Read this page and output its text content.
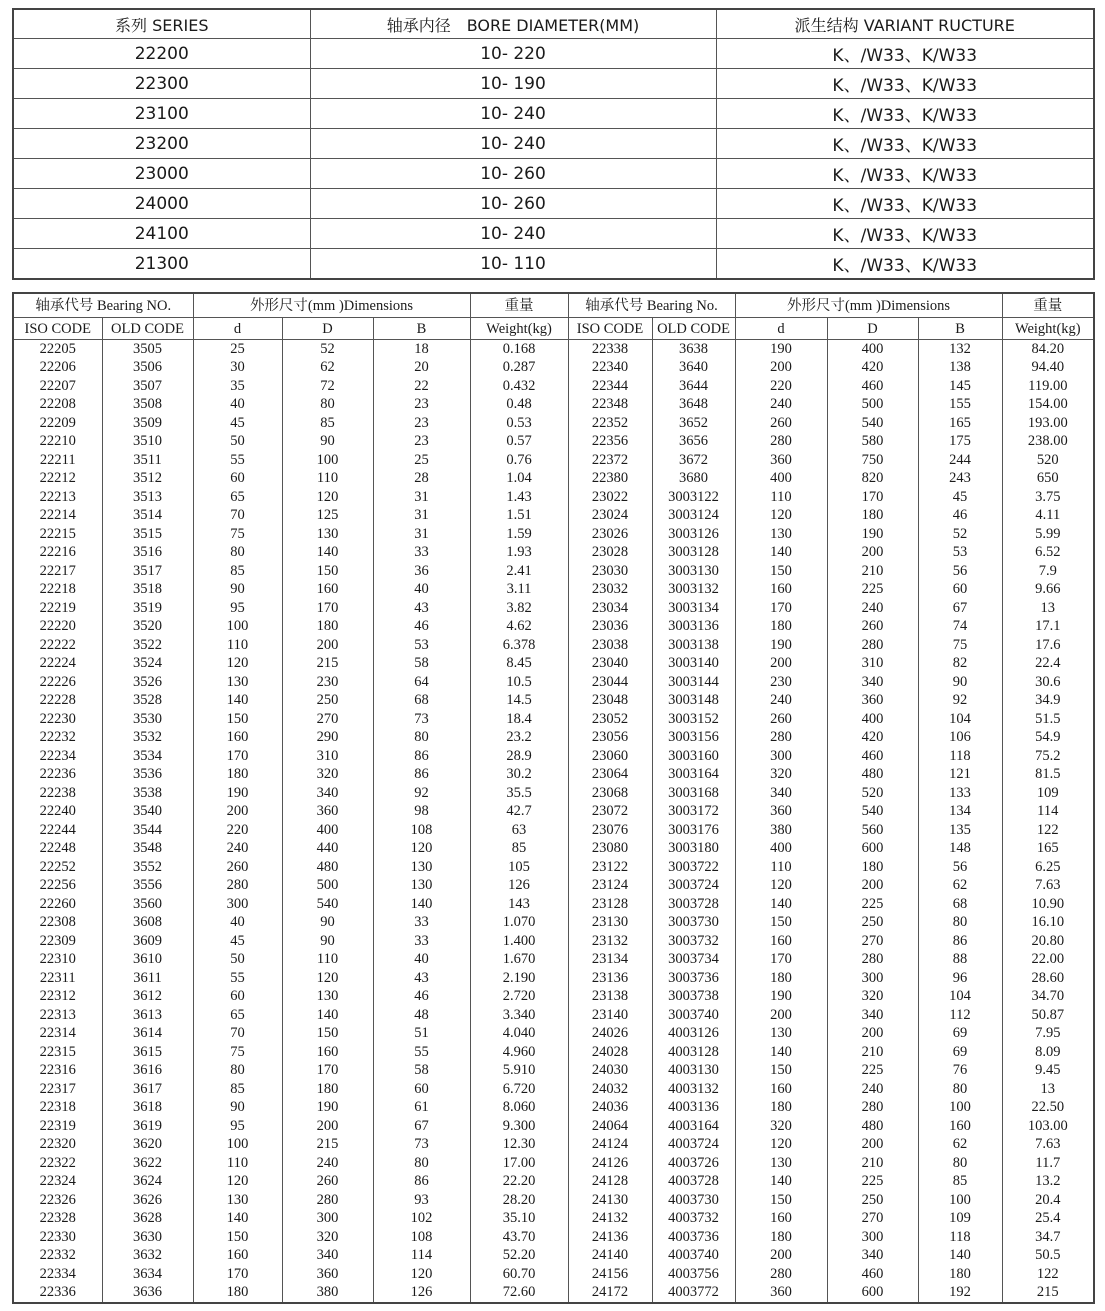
系列 SERIES	轴承内径　BORE DIAMETER(MM)	派生结构 VARIANT RUCTURE
22200	10- 220	K、/W33、K/W33
22300	10- 190	K、/W33、K/W33
23100	10- 240	K、/W33、K/W33
23200	10- 240	K、/W33、K/W33
23000	10- 260	K、/W33、K/W33
24000	10- 260	K、/W33、K/W33
24100	10- 240	K、/W33、K/W33
21300	10- 110	K、/W33、K/W33
轴承代号 Bearing NO.		外形尺寸(mm )Dimensions			重量	轴承代号 Bearing No.		外形尺寸(mm )Dimensions			重量
ISO CODE	OLD CODE	d	D	B	Weight(kg)	ISO CODE	OLD CODE	d	D	B	Weight(kg)
22205	3505	25	52	18	0.168	22338	3638	190	400	132	84.20
22206	3506	30	62	20	0.287	22340	3640	200	420	138	94.40
22207	3507	35	72	22	0.432	22344	3644	220	460	145	119.00
22208	3508	40	80	23	0.48	22348	3648	240	500	155	154.00
22209	3509	45	85	23	0.53	22352	3652	260	540	165	193.00
22210	3510	50	90	23	0.57	22356	3656	280	580	175	238.00
22211	3511	55	100	25	0.76	22372	3672	360	750	244	520
22212	3512	60	110	28	1.04	22380	3680	400	820	243	650
22213	3513	65	120	31	1.43	23022	3003122	110	170	45	3.75
22214	3514	70	125	31	1.51	23024	3003124	120	180	46	4.11
22215	3515	75	130	31	1.59	23026	3003126	130	190	52	5.99
22216	3516	80	140	33	1.93	23028	3003128	140	200	53	6.52
22217	3517	85	150	36	2.41	23030	3003130	150	210	56	7.9
22218	3518	90	160	40	3.11	23032	3003132	160	225	60	9.66
22219	3519	95	170	43	3.82	23034	3003134	170	240	67	13
22220	3520	100	180	46	4.62	23036	3003136	180	260	74	17.1
22222	3522	110	200	53	6.378	23038	3003138	190	280	75	17.6
22224	3524	120	215	58	8.45	23040	3003140	200	310	82	22.4
22226	3526	130	230	64	10.5	23044	3003144	230	340	90	30.6
22228	3528	140	250	68	14.5	23048	3003148	240	360	92	34.9
22230	3530	150	270	73	18.4	23052	3003152	260	400	104	51.5
22232	3532	160	290	80	23.2	23056	3003156	280	420	106	54.9
22234	3534	170	310	86	28.9	23060	3003160	300	460	118	75.2
22236	3536	180	320	86	30.2	23064	3003164	320	480	121	81.5
22238	3538	190	340	92	35.5	23068	3003168	340	520	133	109
22240	3540	200	360	98	42.7	23072	3003172	360	540	134	114
22244	3544	220	400	108	63	23076	3003176	380	560	135	122
22248	3548	240	440	120	85	23080	3003180	400	600	148	165
22252	3552	260	480	130	105	23122	3003722	110	180	56	6.25
22256	3556	280	500	130	126	23124	3003724	120	200	62	7.63
22260	3560	300	540	140	143	23128	3003728	140	225	68	10.90
22308	3608	40	90	33	1.070	23130	3003730	150	250	80	16.10
22309	3609	45	90	33	1.400	23132	3003732	160	270	86	20.80
22310	3610	50	110	40	1.670	23134	3003734	170	280	88	22.00
22311	3611	55	120	43	2.190	23136	3003736	180	300	96	28.60
22312	3612	60	130	46	2.720	23138	3003738	190	320	104	34.70
22313	3613	65	140	48	3.340	23140	3003740	200	340	112	50.87
22314	3614	70	150	51	4.040	24026	4003126	130	200	69	7.95
22315	3615	75	160	55	4.960	24028	4003128	140	210	69	8.09
22316	3616	80	170	58	5.910	24030	4003130	150	225	76	9.45
22317	3617	85	180	60	6.720	24032	4003132	160	240	80	13
22318	3618	90	190	61	8.060	24036	4003136	180	280	100	22.50
22319	3619	95	200	67	9.300	24064	4003164	320	480	160	103.00
22320	3620	100	215	73	12.30	24124	4003724	120	200	62	7.63
22322	3622	110	240	80	17.00	24126	4003726	130	210	80	11.7
22324	3624	120	260	86	22.20	24128	4003728	140	225	85	13.2
22326	3626	130	280	93	28.20	24130	4003730	150	250	100	20.4
22328	3628	140	300	102	35.10	24132	4003732	160	270	109	25.4
22330	3630	150	320	108	43.70	24136	4003736	180	300	118	34.7
22332	3632	160	340	114	52.20	24140	4003740	200	340	140	50.5
22334	3634	170	360	120	60.70	24156	4003756	280	460	180	122
22336	3636	180	380	126	72.60	24172	4003772	360	600	192	215
